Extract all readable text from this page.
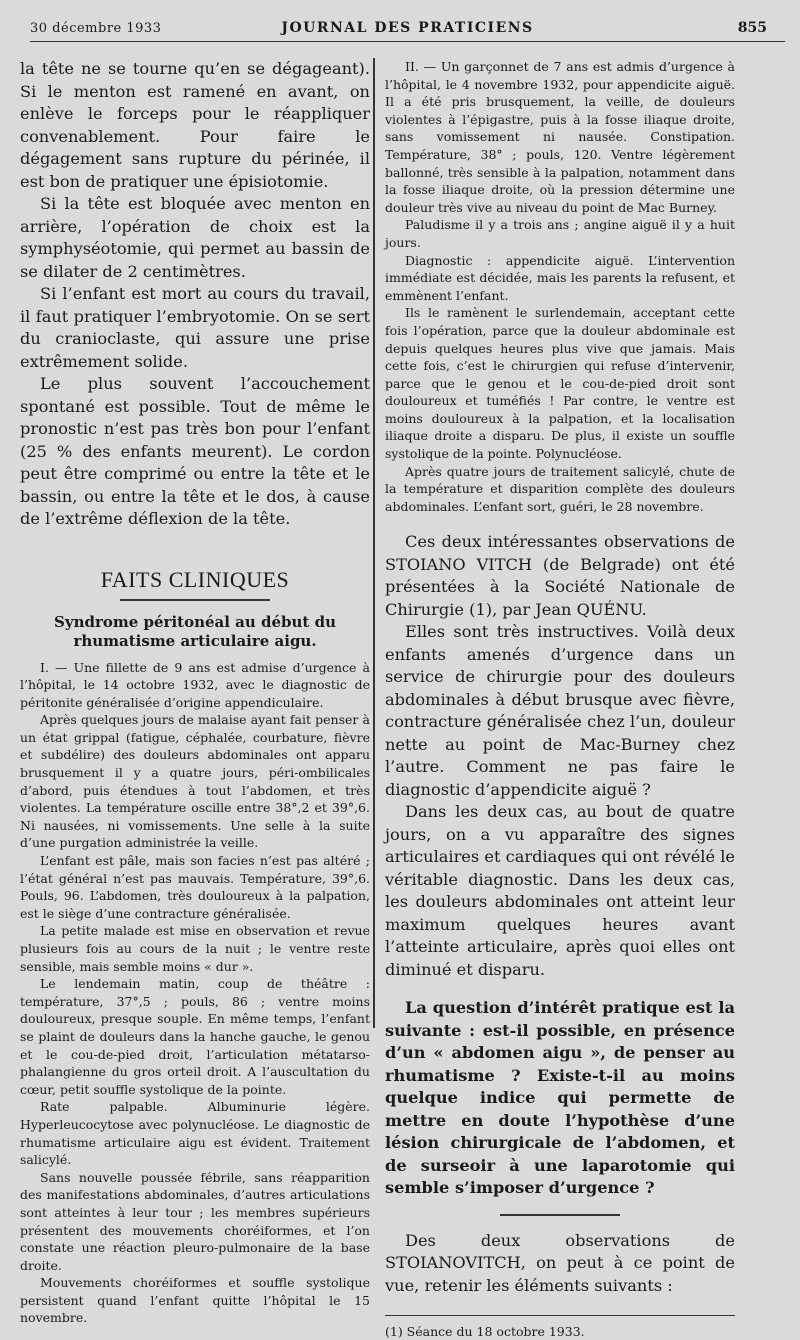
30 décembre 1933	JOURNAL DES PRATICIENS	855

la tête ne se tourne qu’en se dégageant). Si le menton est ramené en avant, on enlève le forceps pour le réappliquer convenablement. Pour faire le dégagement sans rupture du périnée, il est bon de pratiquer une épisiotomie.

Si la tête est bloquée avec menton en arrière, l’opération de choix est la symphyséotomie, qui permet au bassin de se dilater de 2 centimètres.

Si l’enfant est mort au cours du travail, il faut pratiquer l’embryotomie. On se sert du cranioclaste, qui assure une prise extrêmement solide.

Le plus souvent l’accouchement spontané est possible. Tout de même le pronostic n’est pas très bon pour l’enfant (25 % des enfants meurent). Le cordon peut être comprimé ou entre la tête et le bassin, ou entre la tête et le dos, à cause de l’extrême déflexion de la tête.

FAITS CLINIQUES

Syndrome péritonéal au début du rhumatisme articulaire aigu.

I. — Une fillette de 9 ans est admise d’urgence à l’hôpital, le 14 octobre 1932, avec le diagnostic de péritonite généralisée d’origine appendiculaire.

Après quelques jours de malaise ayant fait penser à un état grippal (fatigue, céphalée, courbature, fièvre et subdélire) des douleurs abdominales ont apparu brusquement il y a quatre jours, péri-ombilicales d’abord, puis étendues à tout l’abdomen, et très violentes. La température oscille entre 38°,2 et 39°,6. Ni nausées, ni vomissements. Une selle à la suite d’une purgation administrée la veille.

L’enfant est pâle, mais son facies n’est pas altéré ; l’état général n’est pas mauvais. Température, 39°,6. Pouls, 96. L’abdomen, très douloureux à la palpation, est le siège d’une contracture généralisée.

La petite malade est mise en observation et revue plusieurs fois au cours de la nuit ; le ventre reste sensible, mais semble moins « dur ».

Le lendemain matin, coup de théâtre : température, 37°,5 ; pouls, 86 ; ventre moins douloureux, presque souple. En même temps, l’enfant se plaint de douleurs dans la hanche gauche, le genou et le cou-de-pied droit, l’articulation métatarso-phalangienne du gros orteil droit. A l’auscultation du cœur, petit souffle systolique de la pointe.

Rate palpable. Albuminurie légère. Hyperleucocytose avec polynucléose. Le diagnostic de rhumatisme articulaire aigu est évident. Traitement salicylé.

Sans nouvelle poussée fébrile, sans réapparition des manifestations abdominales, d’autres articulations sont atteintes à leur tour ; les membres supérieurs présentent des mouvements choréiformes, et l’on constate une réaction pleuro-pulmonaire de la base droite.

Mouvements choréiformes et souffle systolique persistent quand l’enfant quitte l’hôpital le 15 novembre.

II. — Un garçonnet de 7 ans est admis d’urgence à l’hôpital, le 4 novembre 1932, pour appendicite aiguë. Il a été pris brusquement, la veille, de douleurs violentes à l’épigastre, puis à la fosse iliaque droite, sans vomissement ni nausée. Constipation. Température, 38° ; pouls, 120. Ventre légèrement ballonné, très sensible à la palpation, notamment dans la fosse iliaque droite, où la pression détermine une douleur très vive au niveau du point de Mac Burney.

Paludisme il y a trois ans ; angine aiguë il y a huit jours.

Diagnostic : appendicite aiguë. L’intervention immédiate est décidée, mais les parents la refusent, et emmènent l’enfant.

Ils le ramènent le surlendemain, acceptant cette fois l’opération, parce que la douleur abdominale est depuis quelques heures plus vive que jamais. Mais cette fois, c’est le chirurgien qui refuse d’intervenir, parce que le genou et le cou-de-pied droit sont douloureux et tuméfiés ! Par contre, le ventre est moins douloureux à la palpation, et la localisation iliaque droite a disparu. De plus, il existe un souffle systolique de la pointe. Polynucléose.

Après quatre jours de traitement salicylé, chute de la température et disparition complète des douleurs abdominales. L’enfant sort, guéri, le 28 novembre.

Ces deux intéressantes observations de STOIANO VITCH (de Belgrade) ont été présentées à la Société Nationale de Chirurgie (1), par Jean QUÉNU.

Elles sont très instructives. Voilà deux enfants amenés d’urgence dans un service de chirurgie pour des douleurs abdominales à début brusque avec fièvre, contracture généralisée chez l’un, douleur nette au point de Mac-Burney chez l’autre. Comment ne pas faire le diagnostic d’appendicite aiguë ?

Dans les deux cas, au bout de quatre jours, on a vu apparaître des signes articulaires et cardiaques qui ont révélé le véritable diagnostic. Dans les deux cas, les douleurs abdominales ont atteint leur maximum quelques heures avant l’atteinte articulaire, après quoi elles ont diminué et disparu.

La question d’intérêt pratique est la suivante : est-il possible, en présence d’un « abdomen aigu », de penser au rhumatisme ? Existe-t-il au moins quelque indice qui permette de mettre en doute l’hypothèse d’une lésion chirurgicale de l’abdomen, et de surseoir à une laparotomie qui semble s’imposer d’urgence ?

Des deux observations de STOIANOVITCH, on peut à ce point de vue, retenir les éléments suivants :

(1) Séance du 18 octobre 1933.
